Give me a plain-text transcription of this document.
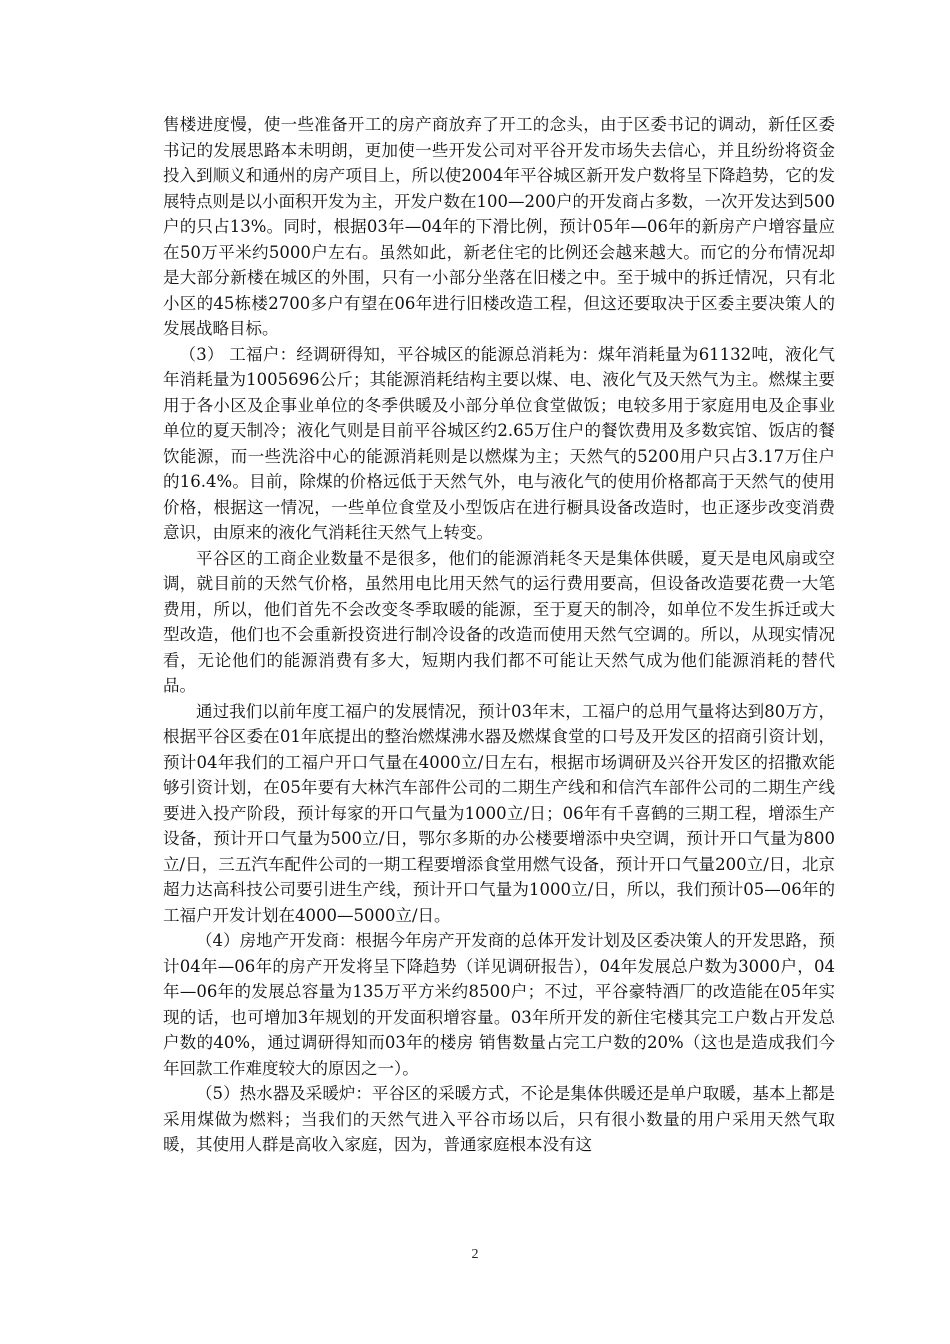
售楼进度慢，使一些准备开工的房产商放弃了开工的念头，由于区委书记的调动，新任区委书记的发展思路本未明朗，更加使一些开发公司对平谷开发市场失去信心，并且纷纷将资金投入到顺义和通州的房产项目上，所以使2004年平谷城区新开发户数将呈下降趋势，它的发展特点则是以小面积开发为主，开发户数在100—200户的开发商占多数，一次开发达到500户的只占13%。同时，根据03年—04年的下滑比例，预计05年—06年的新房产户增容量应在50万平米约5000户左右。虽然如此，新老住宅的比例还会越来越大。而它的分布情况却是大部分新楼在城区的外围，只有一小部分坐落在旧楼之中。至于城中的拆迁情况，只有北小区的45栋楼2700多户有望在06年进行旧楼改造工程，但这还要取决于区委主要决策人的发展战略目标。

（3） 工福户：经调研得知，平谷城区的能源总消耗为：煤年消耗量为61132吨，液化气年消耗量为1005696公斤；其能源消耗结构主要以煤、电、液化气及天然气为主。燃煤主要用于各小区及企事业单位的冬季供暖及小部分单位食堂做饭；电较多用于家庭用电及企事业单位的夏天制冷；液化气则是目前平谷城区约2.65万住户的餐饮费用及多数宾馆、饭店的餐饮能源，而一些洗浴中心的能源消耗则是以燃煤为主；天然气的5200用户只占3.17万住户的16.4%。目前，除煤的价格远低于天然气外，电与液化气的使用价格都高于天然气的使用价格，根据这一情况，一些单位食堂及小型饭店在进行橱具设备改造时，也正逐步改变消费意识，由原来的液化气消耗往天然气上转变。

平谷区的工商企业数量不是很多，他们的能源消耗冬天是集体供暖，夏天是电风扇或空调，就目前的天然气价格，虽然用电比用天然气的运行费用要高，但设备改造要花费一大笔费用，所以，他们首先不会改变冬季取暖的能源，至于夏天的制冷，如单位不发生拆迁或大型改造，他们也不会重新投资进行制冷设备的改造而使用天然气空调的。所以，从现实情况看，无论他们的能源消费有多大，短期内我们都不可能让天然气成为他们能源消耗的替代品。

通过我们以前年度工福户的发展情况，预计03年末，工福户的总用气量将达到80万方，根据平谷区委在01年底提出的整治燃煤沸水器及燃煤食堂的口号及开发区的招商引资计划，预计04年我们的工福户开口气量在4000立/日左右，根据市场调研及兴谷开发区的招撒欢能够引资计划，在05年要有大林汽车部件公司的二期生产线和和信汽车部件公司的二期生产线要进入投产阶段，预计每家的开口气量为1000立/日；06年有千喜鹤的三期工程，增添生产设备，预计开口气量为500立/日，鄂尔多斯的办公楼要增添中央空调，预计开口气量为800立/日，三五汽车配件公司的一期工程要增添食堂用燃气设备，预计开口气量200立/日，北京超力达高科技公司要引进生产线，预计开口气量为1000立/日，所以，我们预计05—06年的工福户开发计划在4000—5000立/日。

（4）房地产开发商：根据今年房产开发商的总体开发计划及区委决策人的开发思路，预计04年—06年的房产开发将呈下降趋势（详见调研报告），04年发展总户数为3000户，04年—06年的发展总容量为135万平方米约8500户；不过，平谷豪特酒厂的改造能在05年实现的话，也可增加3年规划的开发面积增容量。03年所开发的新住宅楼其完工户数占开发总户数的40%，通过调研得知而03年的楼房 销售数量占完工户数的20%（这也是造成我们今年回款工作难度较大的原因之一）。

（5）热水器及采暖炉：平谷区的采暖方式，不论是集体供暖还是单户取暖，基本上都是采用煤做为燃料；当我们的天然气进入平谷市场以后，只有很小数量的用户采用天然气取暖，其使用人群是高收入家庭，因为，普通家庭根本没有这

2
